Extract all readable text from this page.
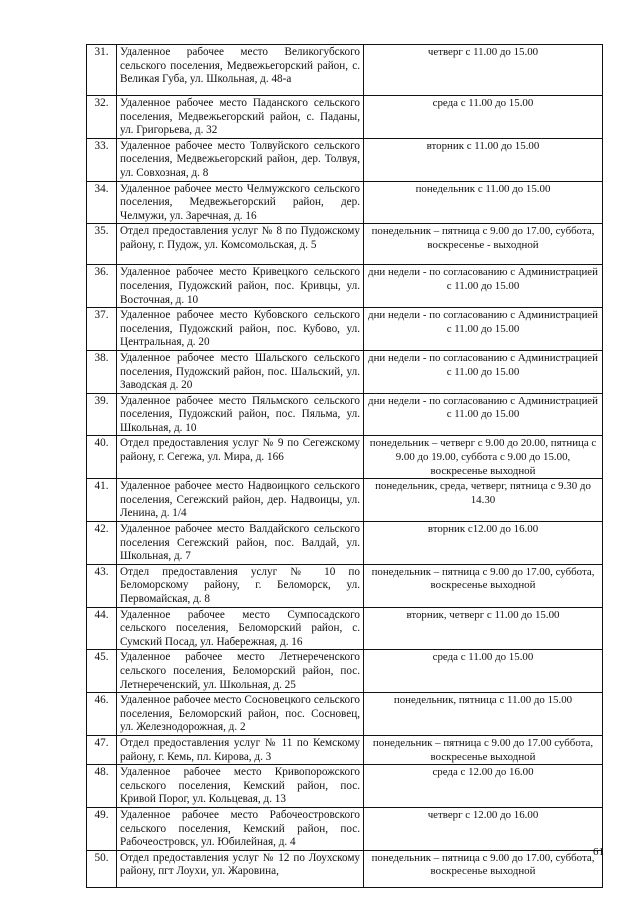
31.	Удаленное рабочее место Великогубского сельского поселения, Медвежьегорский район, с. Великая Губа, ул. Школьная, д. 48-а	четверг с 11.00 до 15.00
32.	Удаленное рабочее место Паданского сельского поселения, Медвежьегорский район, с. Паданы, ул. Григорьева, д. 32	среда с 11.00 до 15.00
33.	Удаленное рабочее место Толвуйского сельского поселения, Медвежьегорский район, дер. Толвуя, ул. Совхозная, д. 8	вторник с 11.00 до 15.00
34.	Удаленное рабочее место Челмужского сельского поселения, Медвежьегорский район, дер. Челмужи, ул. Заречная, д. 16	понедельник с 11.00 до 15.00
35.	Отдел предоставления услуг № 8 по Пудожскому району, г. Пудож, ул. Комсомольская, д. 5	понедельник – пятница с 9.00 до 17.00, суббота, воскресенье - выходной
36.	Удаленное рабочее место Кривецкого сельского поселения, Пудожский район, пос. Кривцы, ул. Восточная, д. 10	дни недели - по согласованию с Администрацией с 11.00 до 15.00
37.	Удаленное рабочее место Кубовского сельского поселения, Пудожский район, пос. Кубово, ул. Центральная, д. 20	дни недели - по согласованию с Администрацией с 11.00 до 15.00
38.	Удаленное рабочее место Шальского сельского поселения, Пудожский район, пос. Шальский, ул. Заводская д. 20	дни недели - по согласованию с Администрацией с 11.00 до 15.00
39.	Удаленное рабочее место Пяльмского сельского поселения, Пудожский район, пос. Пяльма, ул. Школьная, д. 10	дни недели - по согласованию с Администрацией с 11.00 до 15.00
40.	Отдел предоставления услуг № 9 по Сегежскому району, г. Сегежа, ул. Мира, д. 166	понедельник – четверг с 9.00 до 20.00, пятница с 9.00 до 19.00, суббота с 9.00 до 15.00, воскресенье выходной
41.	Удаленное рабочее место Надвоицкого сельского поселения, Сегежский район, дер. Надвоицы, ул. Ленина, д. 1/4	понедельник, среда, четверг, пятница с 9.30 до 14.30
42.	Удаленное рабочее место Валдайского сельского поселения Сегежский район, пос. Валдай, ул. Школьная, д. 7	вторник с12.00 до 16.00
43.	Отдел предоставления услуг № 10 по Беломорскому району, г. Беломорск, ул. Первомайская, д. 8	понедельник – пятница с 9.00 до 17.00, суббота, воскресенье выходной
44.	Удаленное рабочее место Сумпосадского сельского поселения, Беломорский район, с. Сумский Посад, ул. Набережная, д. 16	вторник, четверг с 11.00 до 15.00
45.	Удаленное рабочее место Летнереченского сельского поселения, Беломорский район, пос. Летнереченский, ул. Школьная, д. 25	среда с 11.00 до 15.00
46.	Удаленное рабочее место Сосновецкого сельского поселения, Беломорский район, пос. Сосновец, ул. Железнодорожная, д. 2	понедельник, пятница с 11.00 до 15.00
47.	Отдел предоставления услуг № 11 по Кемскому району, г. Кемь, пл. Кирова, д. 3	понедельник – пятница с 9.00 до 17.00 суббота, воскресенье выходной
48.	Удаленное рабочее место Кривопорожского сельского поселения, Кемский район, пос. Кривой Порог, ул. Кольцевая, д. 13	среда с 12.00 до 16.00
49.	Удаленное рабочее место Рабочеостровского сельского поселения, Кемский район, пос. Рабочеостровск, ул. Юбилейная, д. 4	четверг с 12.00 до 16.00
50.	Отдел предоставления услуг № 12 по Лоухскому району, пгт Лоухи, ул. Жаровина,	понедельник – пятница с 9.00 до 17.00, суббота, воскресенье выходной
61
